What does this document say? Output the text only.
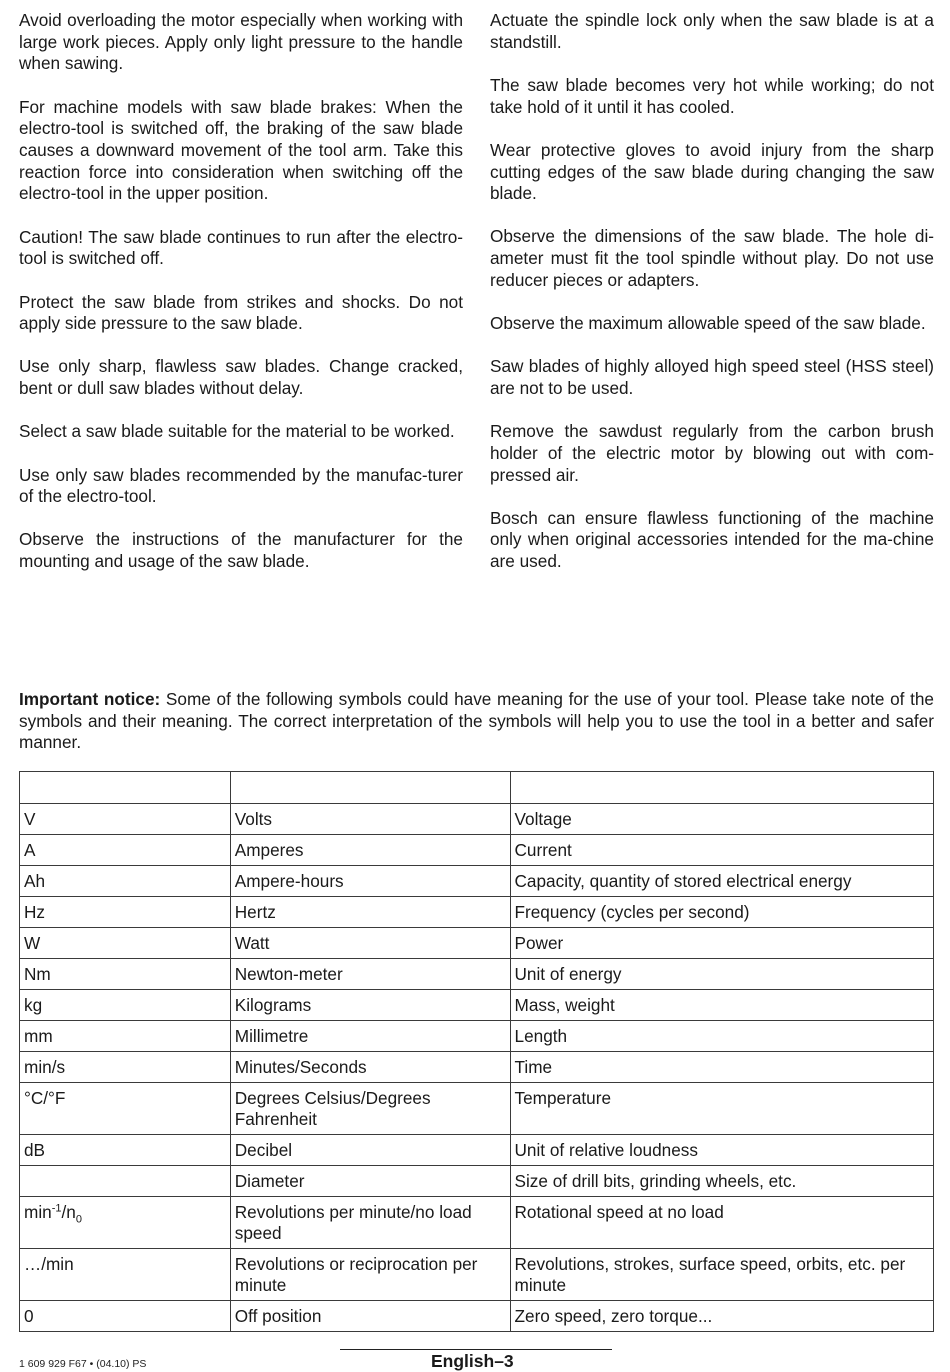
Avoid overloading the motor especially when working with large work pieces. Apply only light pressure to the handle when sawing.

For machine models with saw blade brakes: When the electro-tool is switched off, the braking of the saw blade causes a downward movement of the tool arm. Take this reaction force into consideration when switching off the electro-tool in the upper position.

Caution! The saw blade continues to run after the electro-tool is switched off.

Protect the saw blade from strikes and shocks. Do not apply side pressure to the saw blade.

Use only sharp, flawless saw blades. Change cracked, bent or dull saw blades without delay.

Select a saw blade suitable for the material to be worked.

Use only saw blades recommended by the manufac-turer of the electro-tool.

Observe the instructions of the manufacturer for the mounting and usage of the saw blade.

Actuate the spindle lock only when the saw blade is at a standstill.

The saw blade becomes very hot while working; do not take hold of it until it has cooled.

Wear protective gloves to avoid injury from the sharp cutting edges of the saw blade during changing the saw blade.

Observe the dimensions of the saw blade. The hole di-ameter must fit the tool spindle without play. Do not use reducer pieces or adapters.

Observe the maximum allowable speed of the saw blade.

Saw blades of highly alloyed high speed steel (HSS steel) are not to be used.

Remove the sawdust regularly from the carbon brush holder of the electric motor by blowing out with com-pressed air.

Bosch can ensure flawless functioning of the machine only when original accessories intended for the ma-chine are used.

Important notice: Some of the following symbols could have meaning for the use of your tool. Please take note of the symbols and their meaning. The correct interpretation of the symbols will help you to use the tool in a better and safer manner.

V	Volts	Voltage
A	Amperes	Current
Ah	Ampere-hours	Capacity, quantity of stored electrical energy
Hz	Hertz	Frequency (cycles per second)
W	Watt	Power
Nm	Newton-meter	Unit of energy
kg	Kilograms	Mass, weight
mm	Millimetre	Length
min/s	Minutes/Seconds	Time
°C/°F	Degrees Celsius/Degrees Fahrenheit	Temperature
dB	Decibel	Unit of relative loudness
	Diameter	Size of drill bits, grinding wheels, etc.
$\min^{-1}/n_0$	Revolutions per minute/no load speed	Rotational speed at no load
…/min	Revolutions or reciprocation per minute	Revolutions, strokes, surface speed, orbits, etc. per minute
0	Off position	Zero speed, zero torque...
1 609 929 F67 • (04.10) PS	English–3
